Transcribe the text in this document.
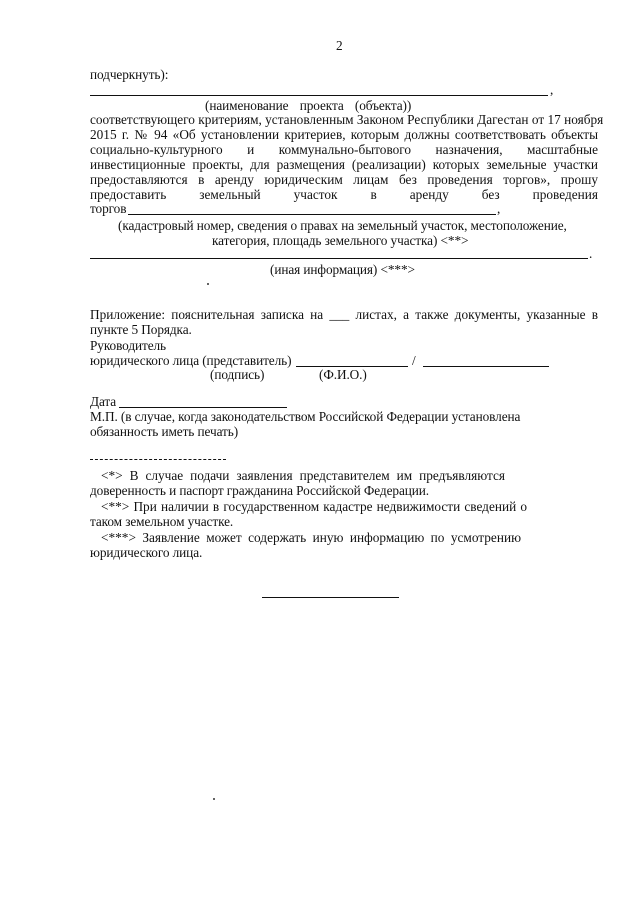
2
подчеркнуть):
,
(наименование проекта (объекта))
соответствующего критериям, установленным Законом Республики Дагестан от 17 ноября
2015 г. № 94 «Об установлении критериев, которым должны соответствовать объекты
социально-культурного и коммунально-бытового назначения, масштабные
инвестиционные проекты, для размещения (реализации) которых земельные участки
предоставляются в аренду юридическим лицам без проведения торгов», прошу
предоставить земельный участок в аренду без проведения
торгов	,
(кадастровый номер, сведения о правах на земельный участок, местоположение,
категория, площадь земельного участка) <**>
.
(иная информация) <***>
Приложение: пояснительная записка на ___ листах, а также документы, указанные в
пункте 5 Порядка.
Руководитель
юридического лица (представитель)	/
(подпись)	(Ф.И.О.)
Дата
М.П. (в случае, когда законодательством Российской Федерации установлена
обязанность иметь печать)
<*> В случае подачи заявления представителем им предъявляются
доверенность и паспорт гражданина Российской Федерации.
<**> При наличии в государственном кадастре недвижимости сведений о
таком земельном участке.
<***> Заявление может содержать иную информацию по усмотрению
юридического лица.
